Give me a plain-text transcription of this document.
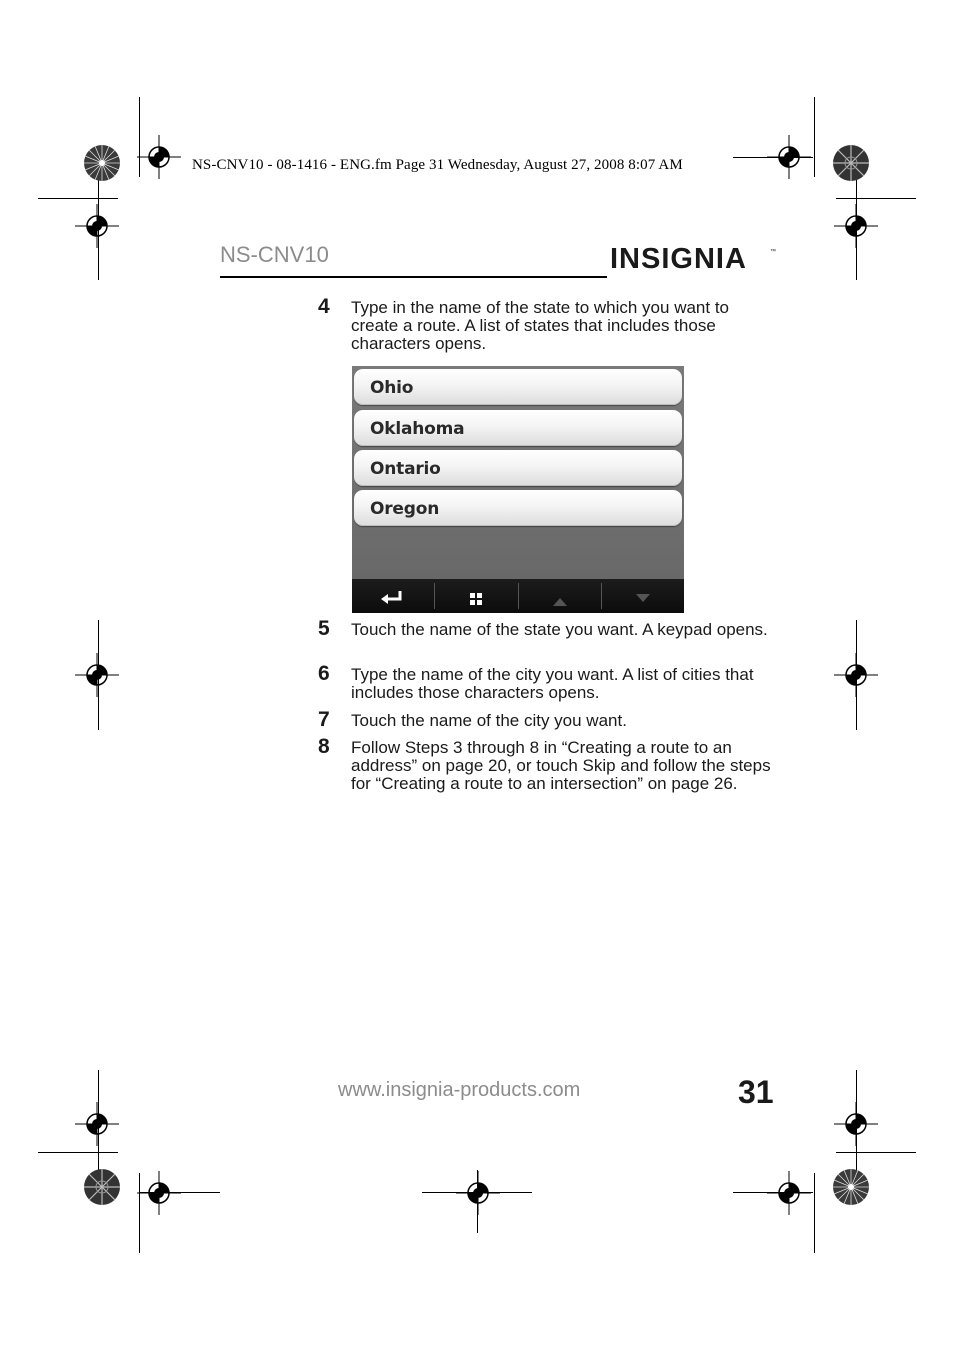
NS-CNV10 - 08-1416 - ENG.fm Page 31 Wednesday, August 27, 2008 8:07 AM
NS-CNV10	INSIGNIA	™
4 Type in the name of the state to which you want to create a route. A list of states that includes those characters opens.
Ohio
Oklahoma
Ontario
Oregon
5 Touch the name of the state you want. A keypad opens.
6 Type the name of the city you want. A list of cities that includes those characters opens.
7 Touch the name of the city you want.
8 Follow Steps 3 through 8 in “Creating a route to an address” on page 20, or touch Skip and follow the steps for “Creating a route to an intersection” on page 26.
www.insignia-products.com	31
